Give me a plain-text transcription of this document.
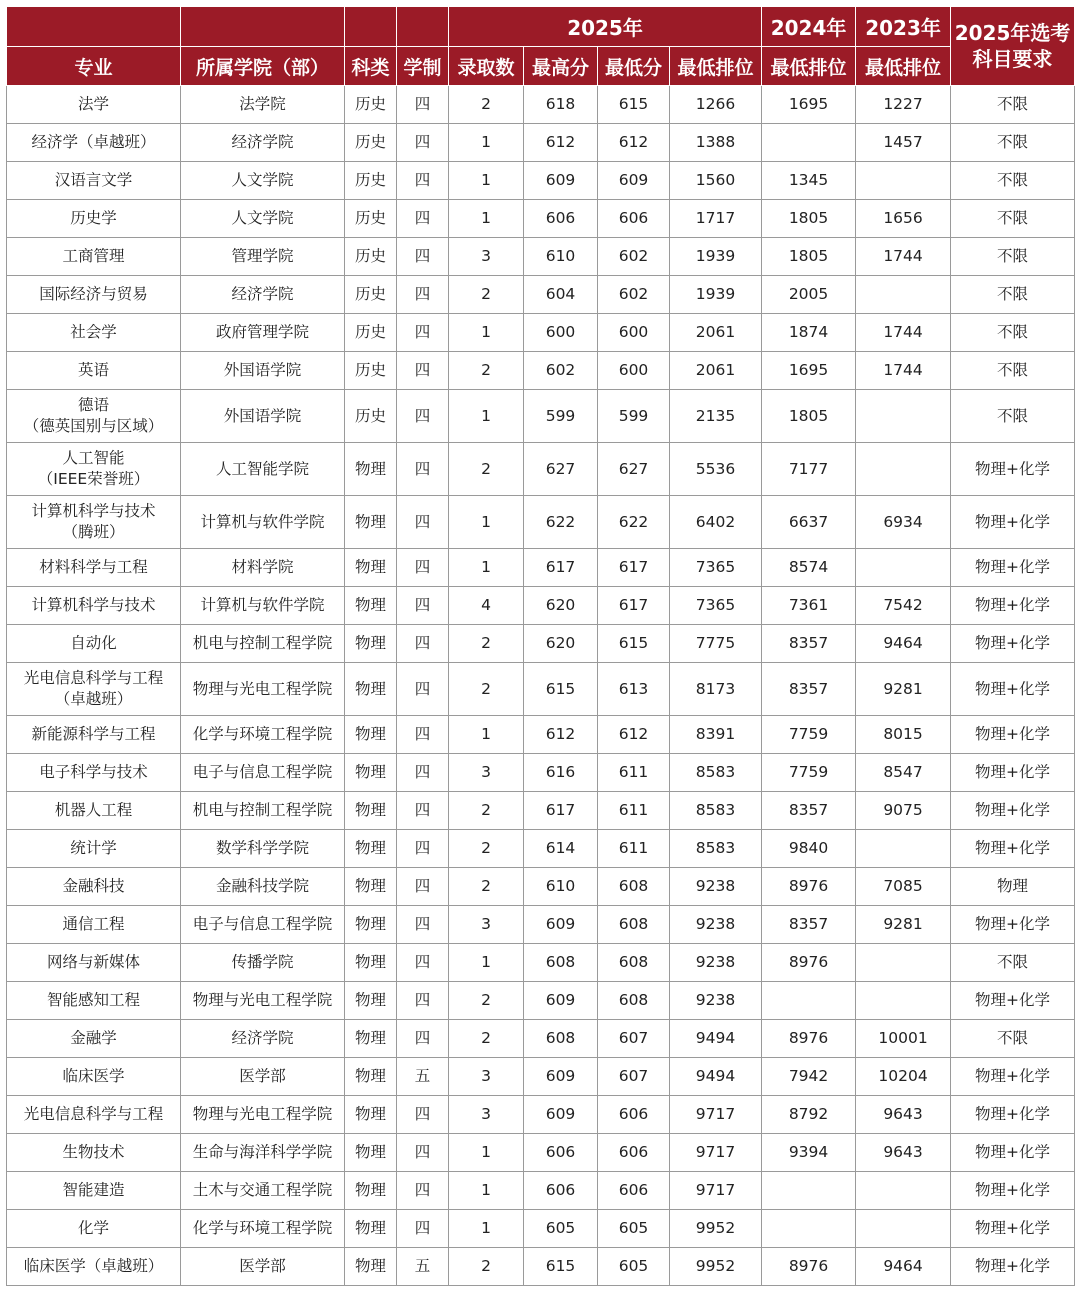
				2025年				2024年	2023年	2025年选考科目要求
专业	所属学院（部）	科类	学制	录取数	最高分	最低分	最低排位	最低排位	最低排位	
法学	法学院	历史	四	2	618	615	1266	1695	1227	不限
经济学（卓越班）	经济学院	历史	四	1	612	612	1388		1457	不限
汉语言文学	人文学院	历史	四	1	609	609	1560	1345		不限
历史学	人文学院	历史	四	1	606	606	1717	1805	1656	不限
工商管理	管理学院	历史	四	3	610	602	1939	1805	1744	不限
国际经济与贸易	经济学院	历史	四	2	604	602	1939	2005		不限
社会学	政府管理学院	历史	四	1	600	600	2061	1874	1744	不限
英语	外国语学院	历史	四	2	602	600	2061	1695	1744	不限

德语
（德英国别与区域）	外国语学院	历史	四	1	599	599	2135	1805		不限

人工智能
（IEEE荣誉班）	人工智能学院	物理	四	2	627	627	5536	7177		物理+化学

计算机科学与技术
（腾班）	计算机与软件学院	物理	四	1	622	622	6402	6637	6934	物理+化学
材料科学与工程	材料学院	物理	四	1	617	617	7365	8574		物理+化学
计算机科学与技术	计算机与软件学院	物理	四	4	620	617	7365	7361	7542	物理+化学
自动化	机电与控制工程学院	物理	四	2	620	615	7775	8357	9464	物理+化学

光电信息科学与工程
（卓越班）	物理与光电工程学院	物理	四	2	615	613	8173	8357	9281	物理+化学
新能源科学与工程	化学与环境工程学院	物理	四	1	612	612	8391	7759	8015	物理+化学
电子科学与技术	电子与信息工程学院	物理	四	3	616	611	8583	7759	8547	物理+化学
机器人工程	机电与控制工程学院	物理	四	2	617	611	8583	8357	9075	物理+化学
统计学	数学科学学院	物理	四	2	614	611	8583	9840		物理+化学
金融科技	金融科技学院	物理	四	2	610	608	9238	8976	7085	物理
通信工程	电子与信息工程学院	物理	四	3	609	608	9238	8357	9281	物理+化学
网络与新媒体	传播学院	物理	四	1	608	608	9238	8976		不限
智能感知工程	物理与光电工程学院	物理	四	2	609	608	9238			物理+化学
金融学	经济学院	物理	四	2	608	607	9494	8976	10001	不限
临床医学	医学部	物理	五	3	609	607	9494	7942	10204	物理+化学
光电信息科学与工程	物理与光电工程学院	物理	四	3	609	606	9717	8792	9643	物理+化学
生物技术	生命与海洋科学学院	物理	四	1	606	606	9717	9394	9643	物理+化学
智能建造	土木与交通工程学院	物理	四	1	606	606	9717			物理+化学
化学	化学与环境工程学院	物理	四	1	605	605	9952			物理+化学
临床医学（卓越班）	医学部	物理	五	2	615	605	9952	8976	9464	物理+化学
